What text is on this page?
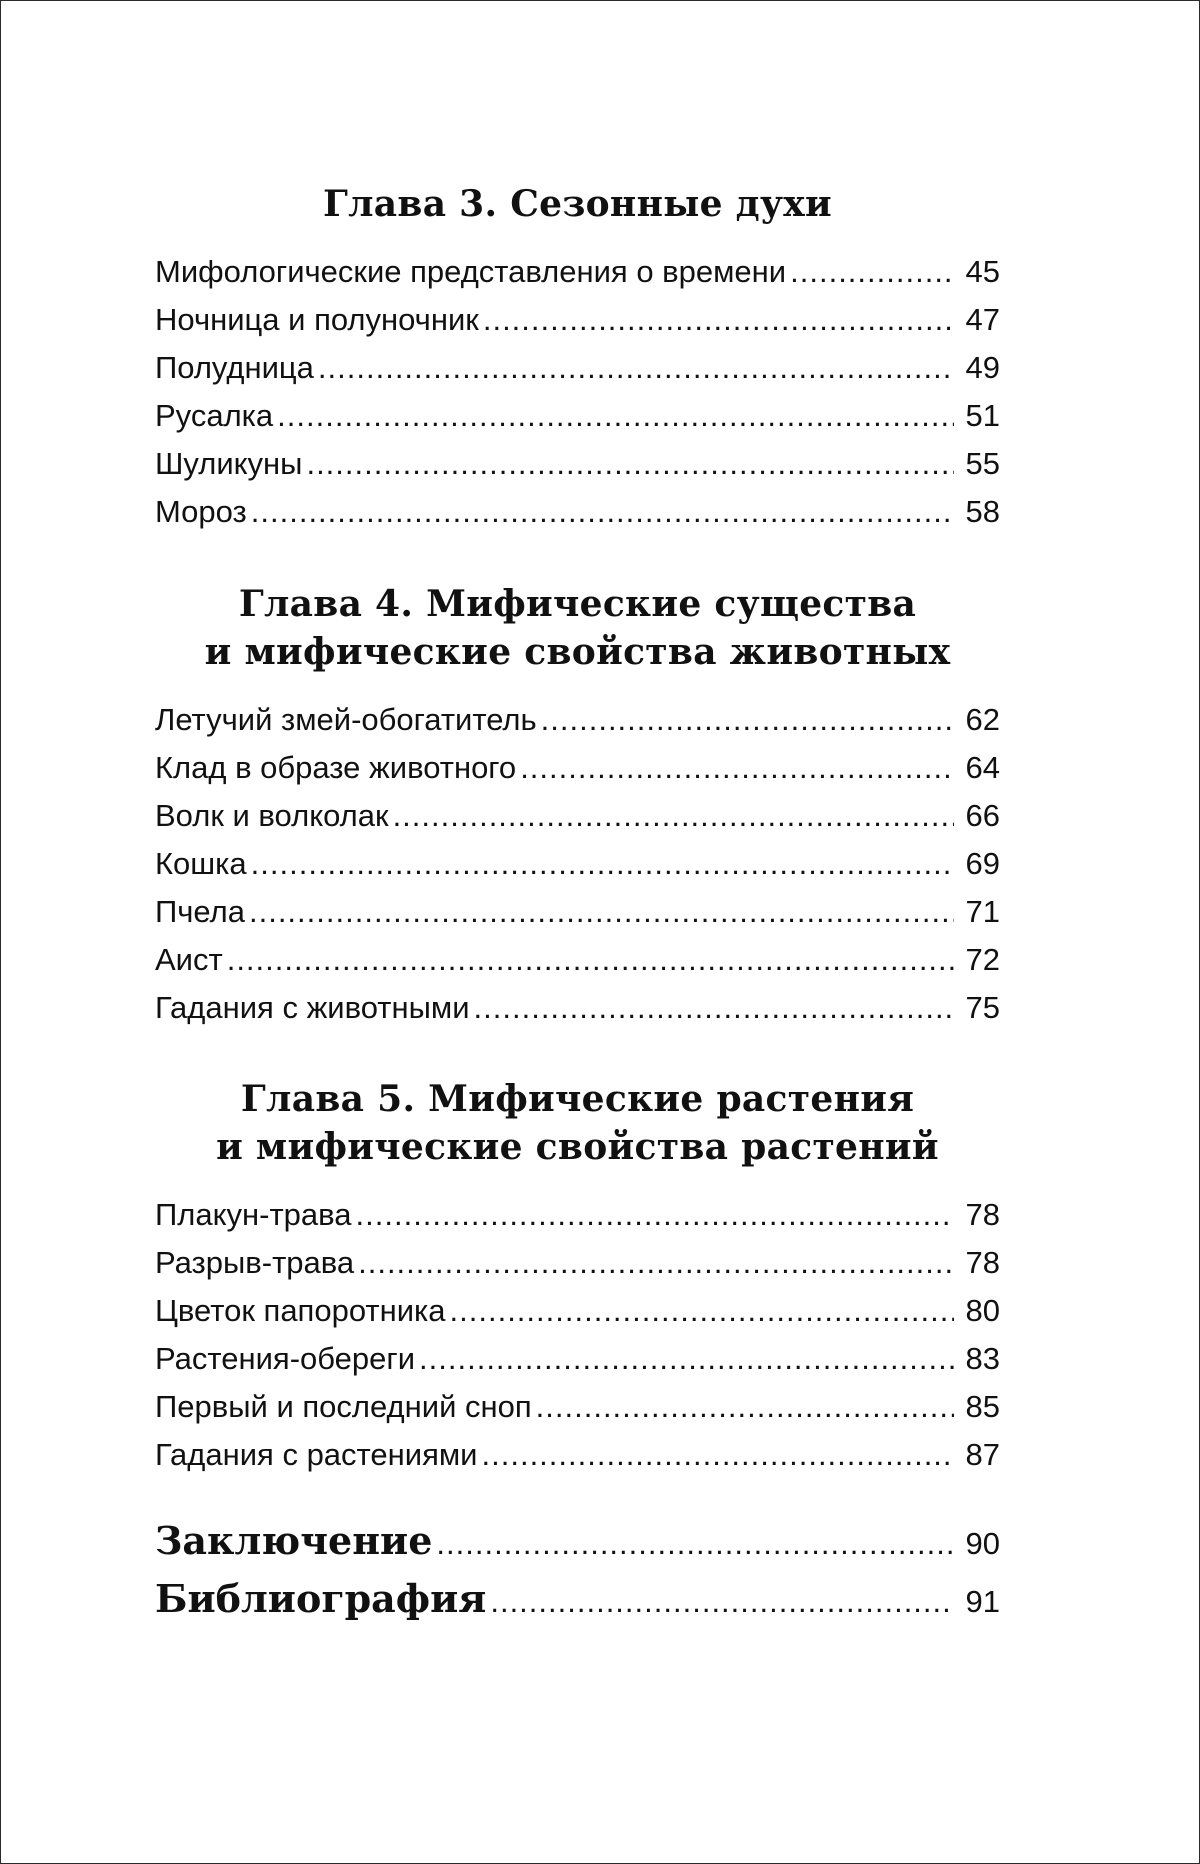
Глава 3. Сезонные духи
Мифологические представления о времени .....	45
Ночница и полуночник .....	47
Полудница .....	49
Русалка .....	51
Шуликуны .....	55
Мороз .....	58
Глава 4. Мифические существа
и мифические свойства животных
Летучий змей-обогатитель .....	62
Клад в образе животного .....	64
Волк и волколак .....	66
Кошка .....	69
Пчела .....	71
Аист .....	72
Гадания с животными .....	75
Глава 5. Мифические растения
и мифические свойства растений
Плакун-трава .....	78
Разрыв-трава .....	78
Цветок папоротника .....	80
Растения-обереги .....	83
Первый и последний сноп .....	85
Гадания с растениями .....	87
Заключение .....	90
Библиография .....	91
